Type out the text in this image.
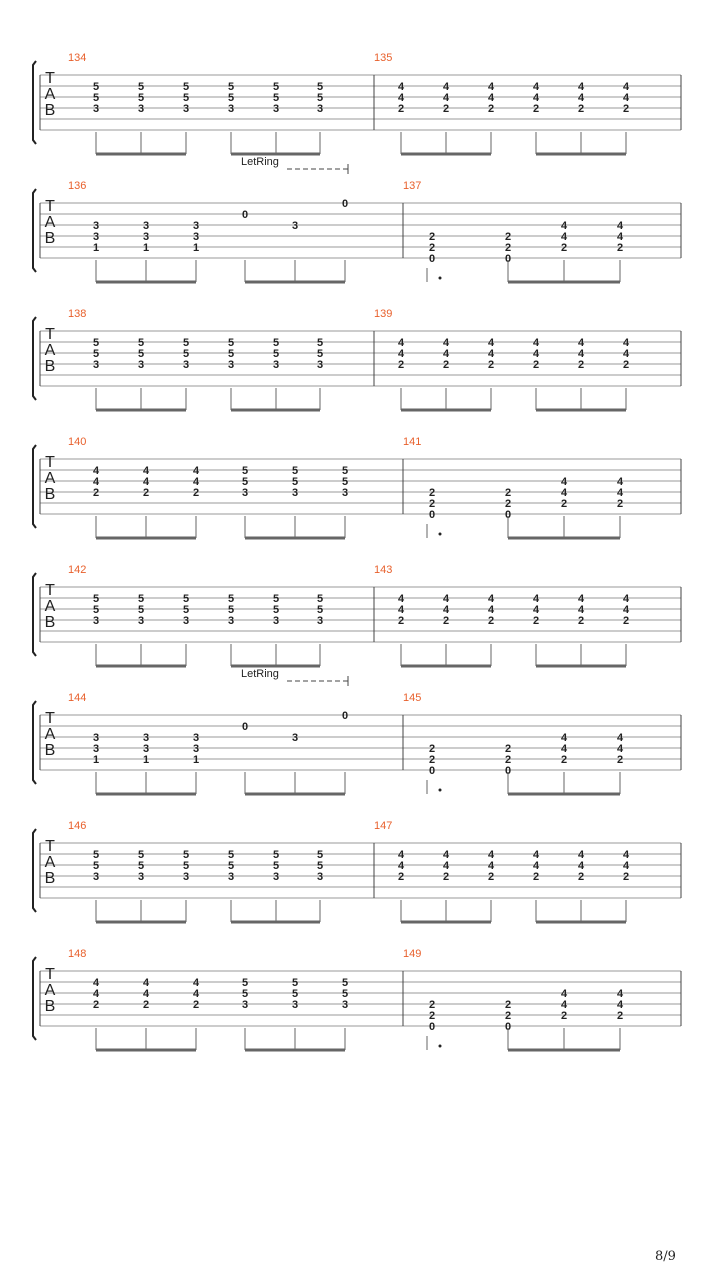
T
A
B
134	135
5
5
3
5
5
3
5
5
3
5
5
3
5
5
3
5
5
3
4
4
2
4
4
2
4
4
2
4
4
2
4
4
2
4
4
2
T
A
B
136	137
3
3
1
3
3
1
3
3
1
0
3
0
LetRing
2
2
0
2
2
0
4
4
2
4
4
2
T
A
B
138	139
5
5
3
5
5
3
5
5
3
5
5
3
5
5
3
5
5
3
4
4
2
4
4
2
4
4
2
4
4
2
4
4
2
4
4
2
T
A
B
140	141
4
4
2
4
4
2
4
4
2
5
5
3
5
5
3
5
5
3	2
2
0
2
2
0
4
4
2
4
4
2
T
A
B
142	143
5
5
3
5
5
3
5
5
3
5
5
3
5
5
3
5
5
3
4
4
2
4
4
2
4
4
2
4
4
2
4
4
2
4
4
2
T
A
B
144	145
3
3
1
3
3
1
3
3
1
0
3
0
LetRing
2
2
0
2
2
0
4
4
2
4
4
2
T
A
B
146	147
5
5
3
5
5
3
5
5
3
5
5
3
5
5
3
5
5
3
4
4
2
4
4
2
4
4
2
4
4
2
4
4
2
4
4
2
T
A
B
148	149
4
4
2
4
4
2
4
4
2
5
5
3
5
5
3
5
5
3	2
2
0
2
2
0
4
4
2
4
4
2
8/9
